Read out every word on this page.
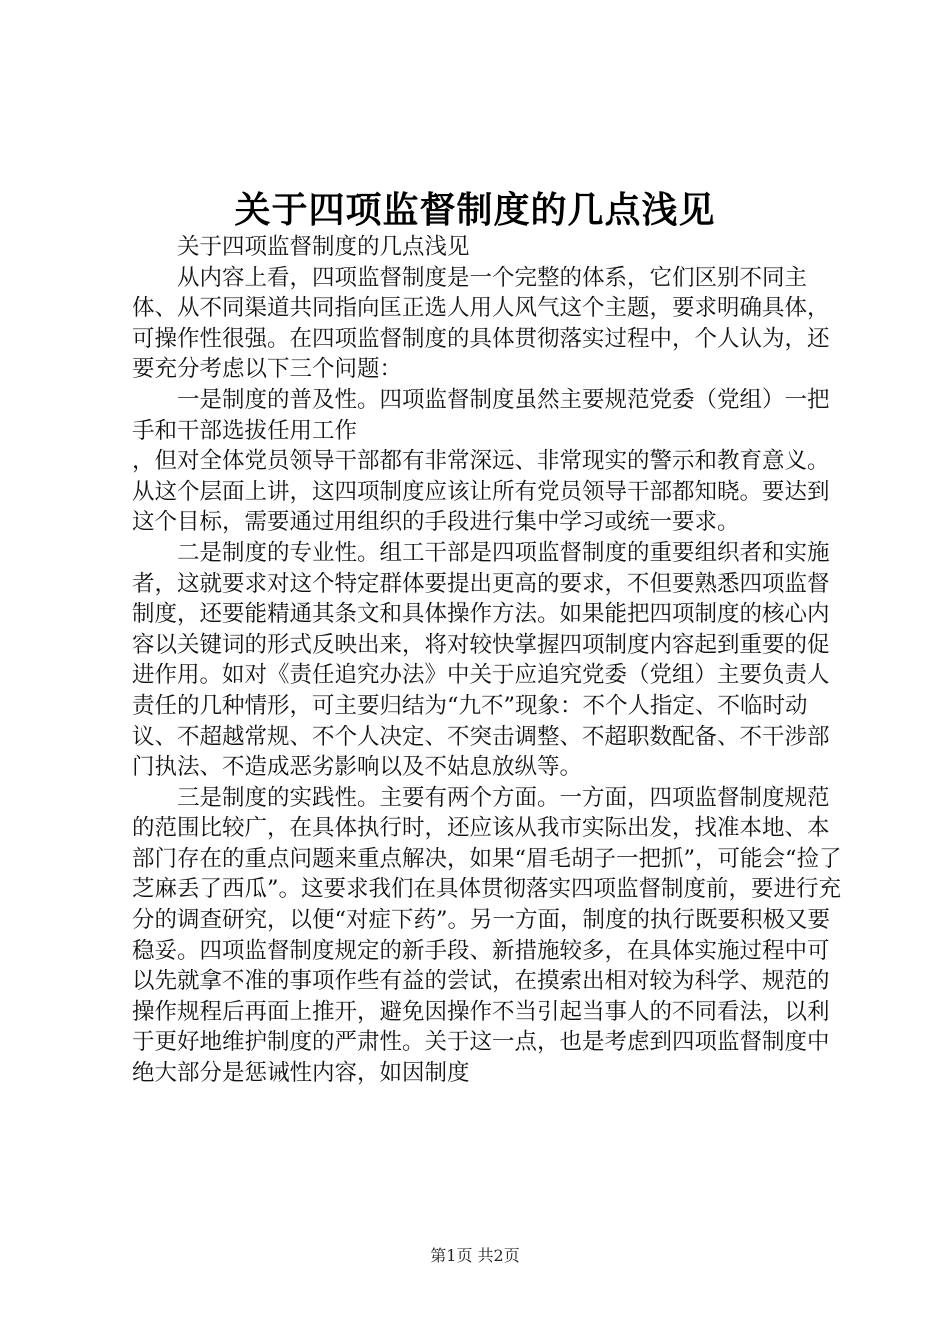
关于四项监督制度的几点浅见

关于四项监督制度的几点浅见

从内容上看，四项监督制度是一个完整的体系，它们区别不同主体、从不同渠道共同指向匡正选人用人风气这个主题，要求明确具体，可操作性很强。在四项监督制度的具体贯彻落实过程中，个人认为，还要充分考虑以下三个问题：

一是制度的普及性。四项监督制度虽然主要规范党委（党组）一把手和干部选拔任用工作

，但对全体党员领导干部都有非常深远、非常现实的警示和教育意义。从这个层面上讲，这四项制度应该让所有党员领导干部都知晓。要达到这个目标，需要通过用组织的手段进行集中学习或统一要求。

二是制度的专业性。组工干部是四项监督制度的重要组织者和实施者，这就要求对这个特定群体要提出更高的要求，不但要熟悉四项监督制度，还要能精通其条文和具体操作方法。如果能把四项制度的核心内容以关键词的形式反映出来，将对较快掌握四项制度内容起到重要的促进作用。如对《责任追究办法》中关于应追究党委（党组）主要负责人责任的几种情形，可主要归结为“九不”现象：不个人指定、不临时动议、不超越常规、不个人决定、不突击调整、不超职数配备、不干涉部门执法、不造成恶劣影响以及不姑息放纵等。

三是制度的实践性。主要有两个方面。一方面，四项监督制度规范的范围比较广，在具体执行时，还应该从我市实际出发，找准本地、本部门存在的重点问题来重点解决，如果“眉毛胡子一把抓”，可能会“捡了芝麻丢了西瓜”。这要求我们在具体贯彻落实四项监督制度前，要进行充分的调查研究，以便“对症下药”。另一方面，制度的执行既要积极又要稳妥。四项监督制度规定的新手段、新措施较多，在具体实施过程中可以先就拿不准的事项作些有益的尝试，在摸索出相对较为科学、规范的操作规程后再面上推开，避免因操作不当引起当事人的不同看法，以利于更好地维护制度的严肃性。关于这一点，也是考虑到四项监督制度中绝大部分是惩诫性内容，如因制度

第1页 共2页
